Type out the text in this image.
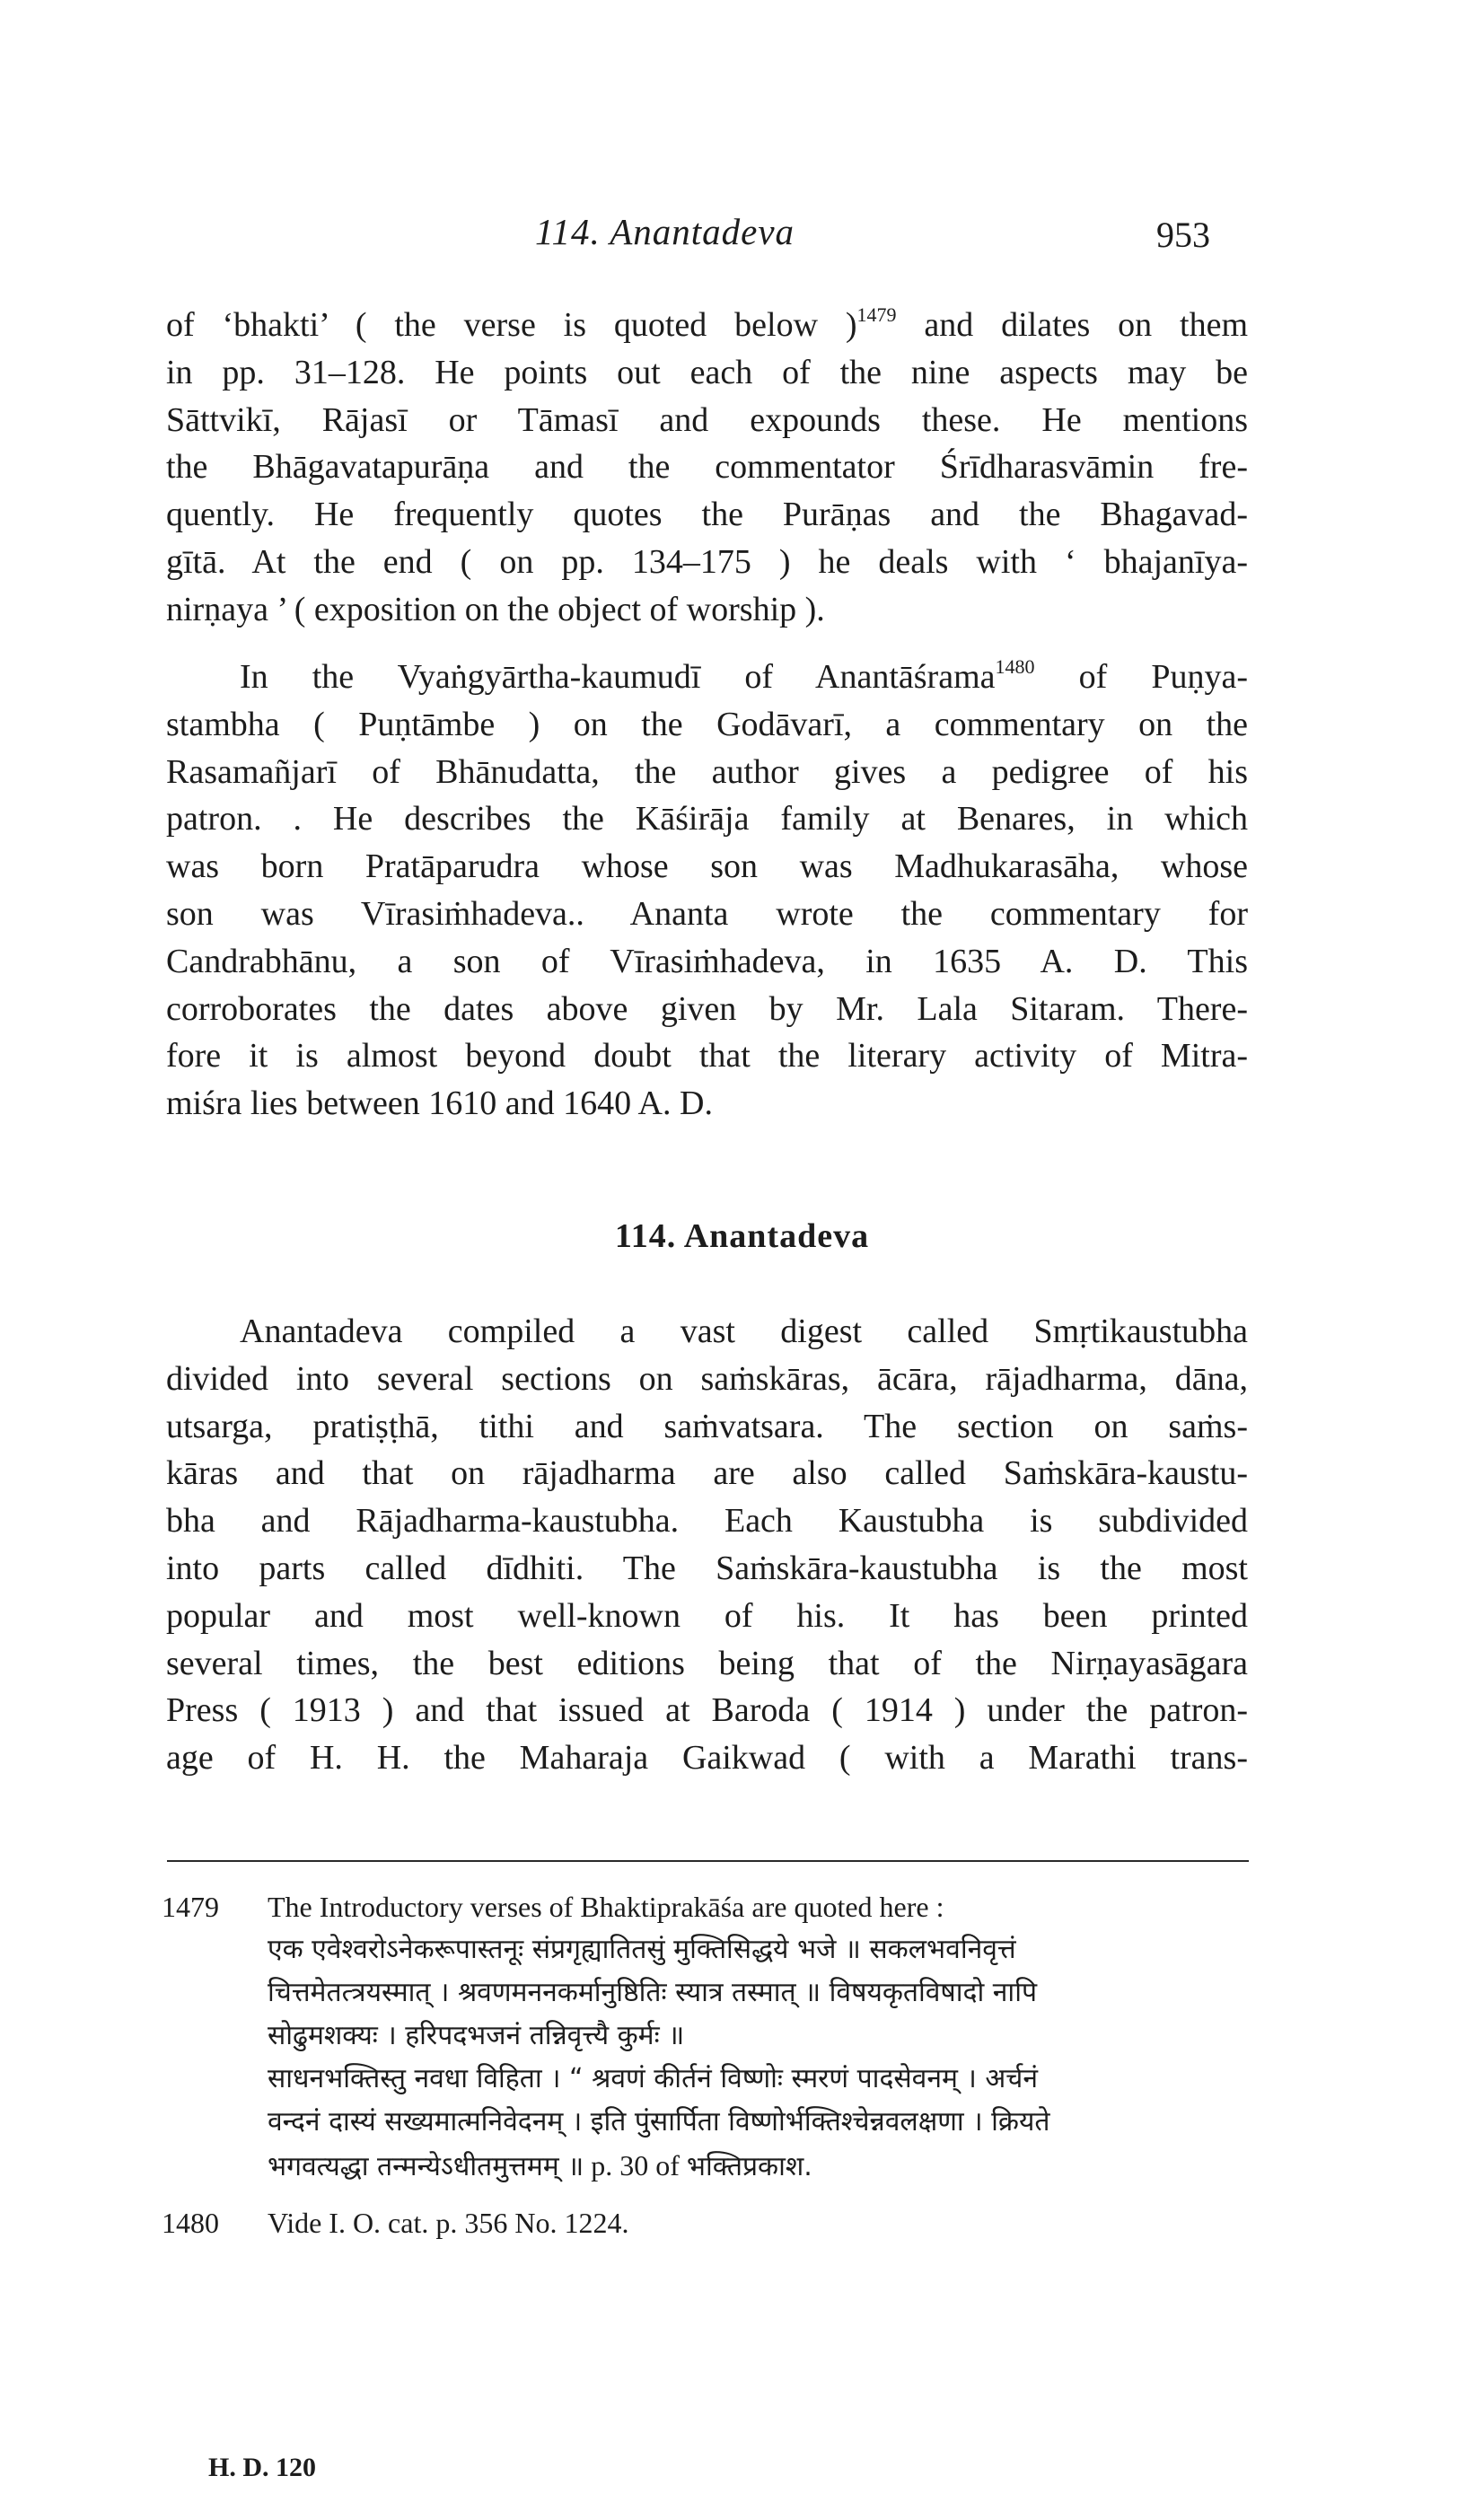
114. Anantadeva	953
of ‘bhakti’ ( the verse is quoted below )$^{1479}$ and dilates on them
in pp. 31–128. He points out each of the nine aspects may be
Sāttvikī, Rājasī or Tāmasī and expounds these. He mentions
the Bhāgavatapurāṇa and the commentator Śrīdharasvāmin fre-
quently. He frequently quotes the Purāṇas and the Bhagavad-
gītā. At the end ( on pp. 134–175 ) he deals with ‘ bhajanīya-
nirṇaya ’ ( exposition on the object of worship ).
In the Vyaṅgyārtha-kaumudī of Anantāśrama$^{1480}$ of Puṇya-
stambha ( Puṇtāmbe ) on the Godāvarī, a commentary on the
Rasamañjarī of Bhānudatta, the author gives a pedigree of his
patron. . He describes the Kāśirāja family at Benares, in which
was born Pratāparudra whose son was Madhukarasāha, whose
son was Vīrasiṁhadeva.. Ananta wrote the commentary for
Candrabhānu, a son of Vīrasiṁhadeva, in 1635 A. D. This
corroborates the dates above given by Mr. Lala Sitaram. There-
fore it is almost beyond doubt that the literary activity of Mitra-
miśra lies between 1610 and 1640 A. D.
114. Anantadeva
Anantadeva compiled a vast digest called Smṛtikaustubha
divided into several sections on saṁskāras, ācāra, rājadharma, dāna,
utsarga, pratiṣṭhā, tithi and saṁvatsara. The section on saṁs-
kāras and that on rājadharma are also called Saṁskāra-kaustu-
bha and Rājadharma-kaustubha. Each Kaustubha is subdivided
into parts called dīdhiti. The Saṁskāra-kaustubha is the most
popular and most well-known of his. It has been printed
several times, the best editions being that of the Nirṇayasāgara
Press ( 1913 ) and that issued at Baroda ( 1914 ) under the patron-
age of H. H. the Maharaja Gaikwad ( with a Marathi trans-
1479	The Introductory verses of Bhaktiprakāśa are quoted here :
एक एवेश्वरोऽनेकरूपास्तनूः संप्रगृह्यातितसुं मुक्तिसिद्धये भजे ॥ सकलभवनिवृत्तं
चित्तमेतत्त्रयस्मात् । श्रवणमननकर्मानुष्ठितिः स्यात्र तस्मात् ॥ विषयकृतविषादो नापि
सोढुमशक्यः । हरिपदभजनं तन्निवृत्त्यै कुर्मः ॥
साधनभक्तिस्तु नवधा विहिता । “ श्रवणं कीर्तनं विष्णोः स्मरणं पादसेवनम् । अर्चनं
वन्दनं दास्यं सख्यमात्मनिवेदनम् । इति पुंसार्पिता विष्णोर्भक्तिश्चेन्नवलक्षणा । क्रियते
भगवत्यद्धा तन्मन्येऽधीतमुत्तमम् ॥ p. 30 of भक्तिप्रकाश.
1480	Vide I. O. cat. p. 356 No. 1224.
H. D. 120
